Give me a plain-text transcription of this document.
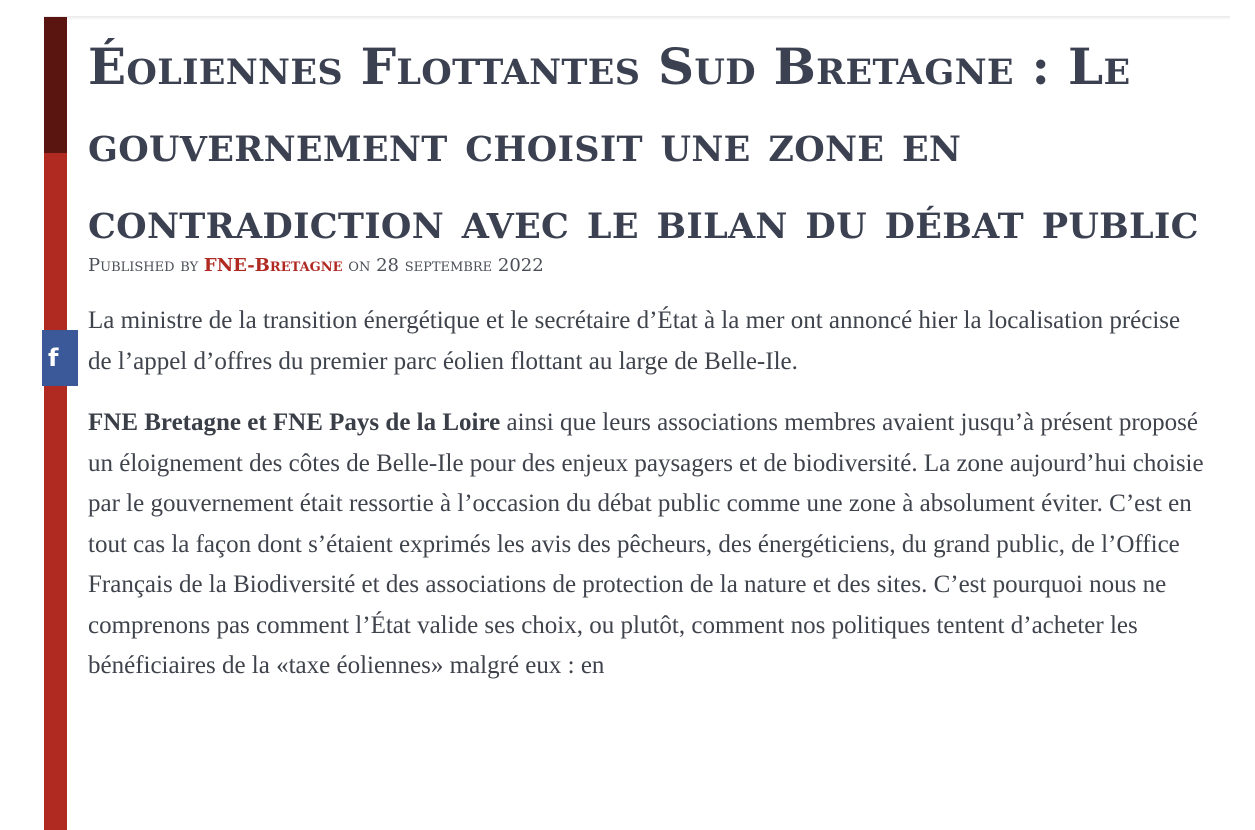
f
Éoliennes Flottantes Sud Bretagne : Le gouvernement choisit une zone en contradiction avec le bilan du débat public

Published by FNE-Bretagne on 28 septembre 2022

La ministre de la transition énergétique et le secrétaire d’État à la mer ont annoncé hier la localisation précise de l’appel d’offres du premier parc éolien flottant au large de Belle-Ile.

FNE Bretagne et FNE Pays de la Loire ainsi que leurs associations membres avaient jusqu’à présent proposé un éloignement des côtes de Belle-Ile pour des enjeux paysagers et de biodiversité. La zone aujourd’hui choisie par le gouvernement était ressortie à l’occasion du débat public comme une zone à absolument éviter. C’est en tout cas la façon dont s’étaient exprimés les avis des pêcheurs, des énergéticiens, du grand public, de l’Office Français de la Biodiversité et des associations de protection de la nature et des sites. C’est pourquoi nous ne comprenons pas comment l’État valide ses choix, ou plutôt, comment nos politiques tentent d’acheter les bénéficiaires de la «taxe éoliennes» malgré eux : en
